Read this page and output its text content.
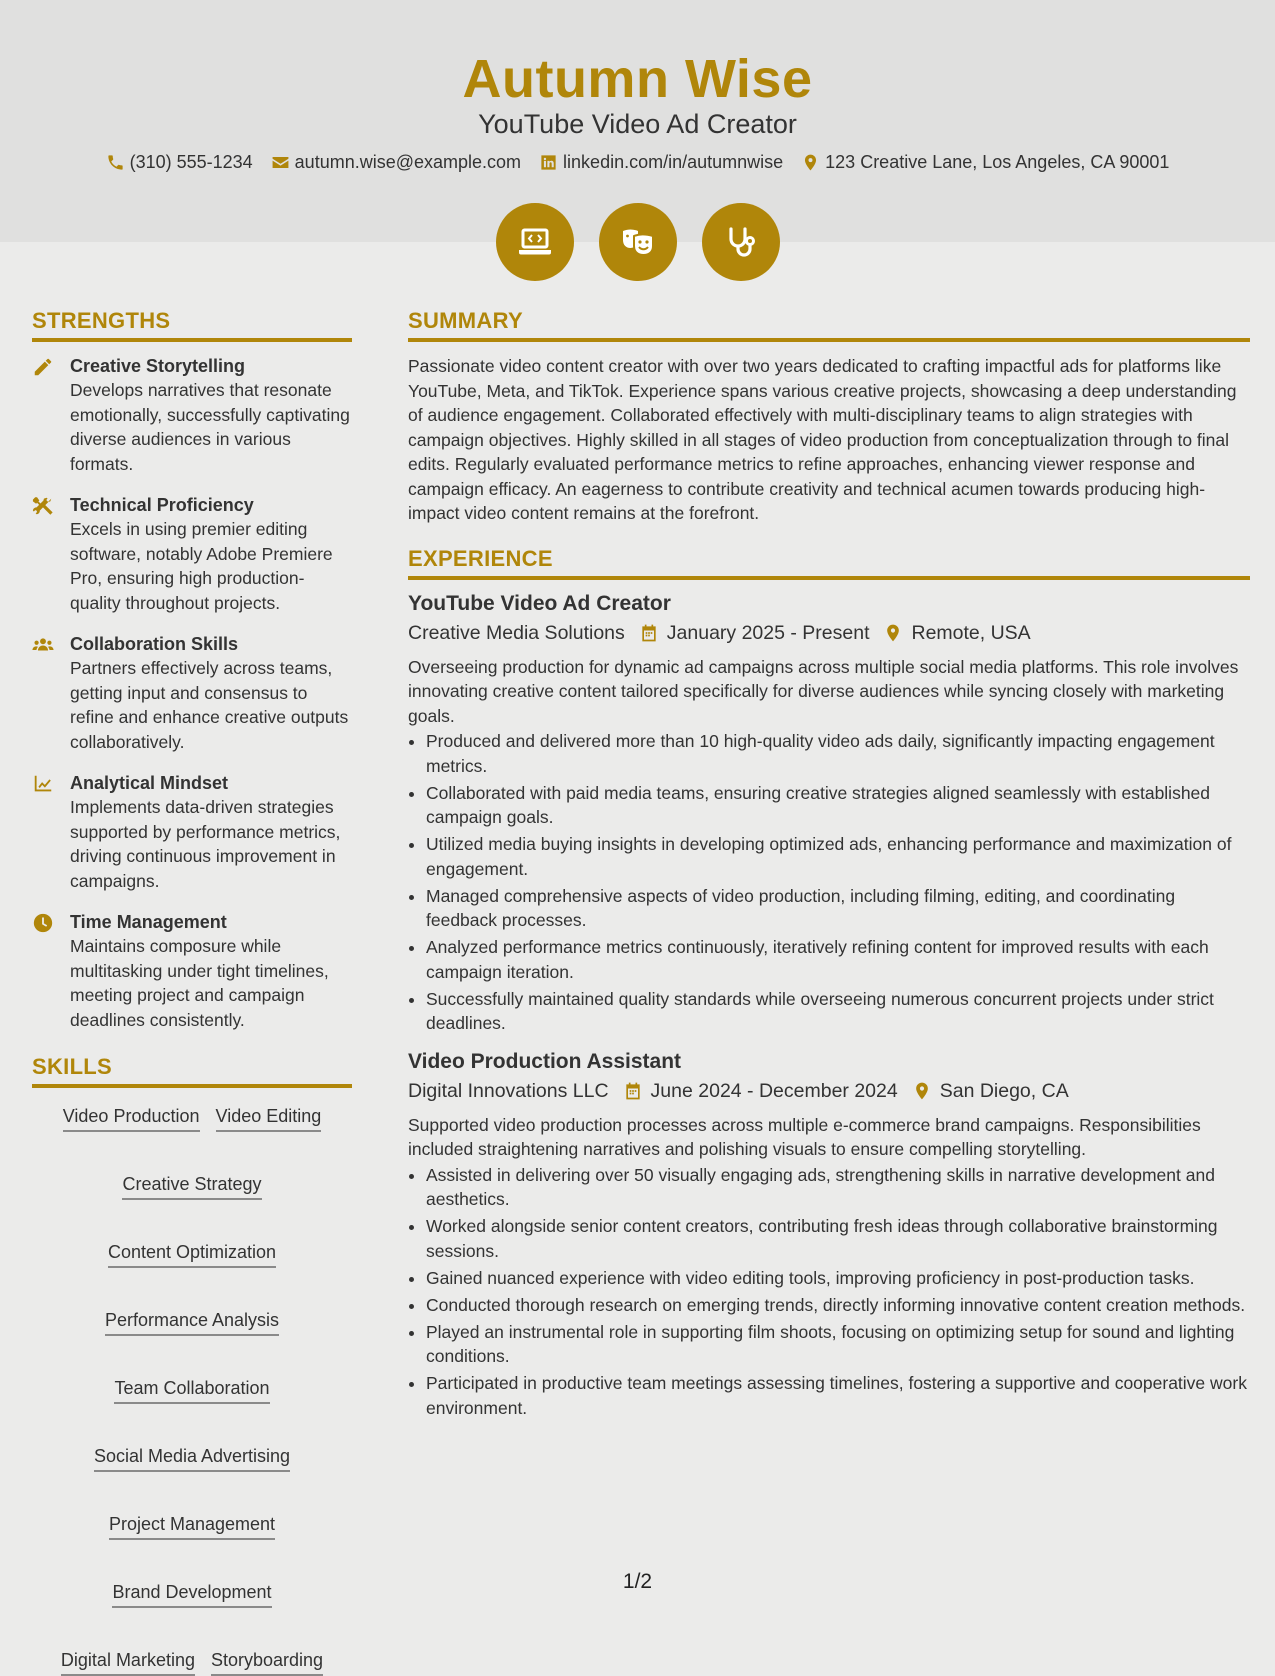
Autumn Wise
YouTube Video Ad Creator
(310) 555-1234 autumn.wise@example.com linkedin.com/in/autumnwise 123 Creative Lane, Los Angeles, CA 90001
STRENGTHS
Creative Storytelling
Develops narratives that resonate emotionally, successfully captivating diverse audiences in various formats.
Technical Proficiency
Excels in using premier editing software, notably Adobe Premiere Pro, ensuring high production-quality throughout projects.
Collaboration Skills
Partners effectively across teams, getting input and consensus to refine and enhance creative outputs collaboratively.
Analytical Mindset
Implements data-driven strategies supported by performance metrics, driving continuous improvement in campaigns.
Time Management
Maintains composure while multitasking under tight timelines, meeting project and campaign deadlines consistently.
SKILLS
Video Production Video Editing
Creative Strategy
Content Optimization
Performance Analysis
Team Collaboration
Social Media Advertising
Project Management
Brand Development
Digital Marketing Storyboarding
SUMMARY
Passionate video content creator with over two years dedicated to crafting impactful ads for platforms like YouTube, Meta, and TikTok. Experience spans various creative projects, showcasing a deep understanding of audience engagement. Collaborated effectively with multi-disciplinary teams to align strategies with campaign objectives. Highly skilled in all stages of video production from conceptualization through to final edits. Regularly evaluated performance metrics to refine approaches, enhancing viewer response and campaign efficacy. An eagerness to contribute creativity and technical acumen towards producing high-impact video content remains at the forefront.
EXPERIENCE
YouTube Video Ad Creator
Creative Media Solutions January 2025 - Present Remote, USA
Overseeing production for dynamic ad campaigns across multiple social media platforms. This role involves innovating creative content tailored specifically for diverse audiences while syncing closely with marketing goals.
• Produced and delivered more than 10 high-quality video ads daily, significantly impacting engagement metrics.
• Collaborated with paid media teams, ensuring creative strategies aligned seamlessly with established campaign goals.
• Utilized media buying insights in developing optimized ads, enhancing performance and maximization of engagement.
• Managed comprehensive aspects of video production, including filming, editing, and coordinating feedback processes.
• Analyzed performance metrics continuously, iteratively refining content for improved results with each campaign iteration.
• Successfully maintained quality standards while overseeing numerous concurrent projects under strict deadlines.
Video Production Assistant
Digital Innovations LLC June 2024 - December 2024 San Diego, CA
Supported video production processes across multiple e-commerce brand campaigns. Responsibilities included straightening narratives and polishing visuals to ensure compelling storytelling.
• Assisted in delivering over 50 visually engaging ads, strengthening skills in narrative development and aesthetics.
• Worked alongside senior content creators, contributing fresh ideas through collaborative brainstorming sessions.
• Gained nuanced experience with video editing tools, improving proficiency in post-production tasks.
• Conducted thorough research on emerging trends, directly informing innovative content creation methods.
• Played an instrumental role in supporting film shoots, focusing on optimizing setup for sound and lighting conditions.
• Participated in productive team meetings assessing timelines, fostering a supportive and cooperative work environment.
1/2
